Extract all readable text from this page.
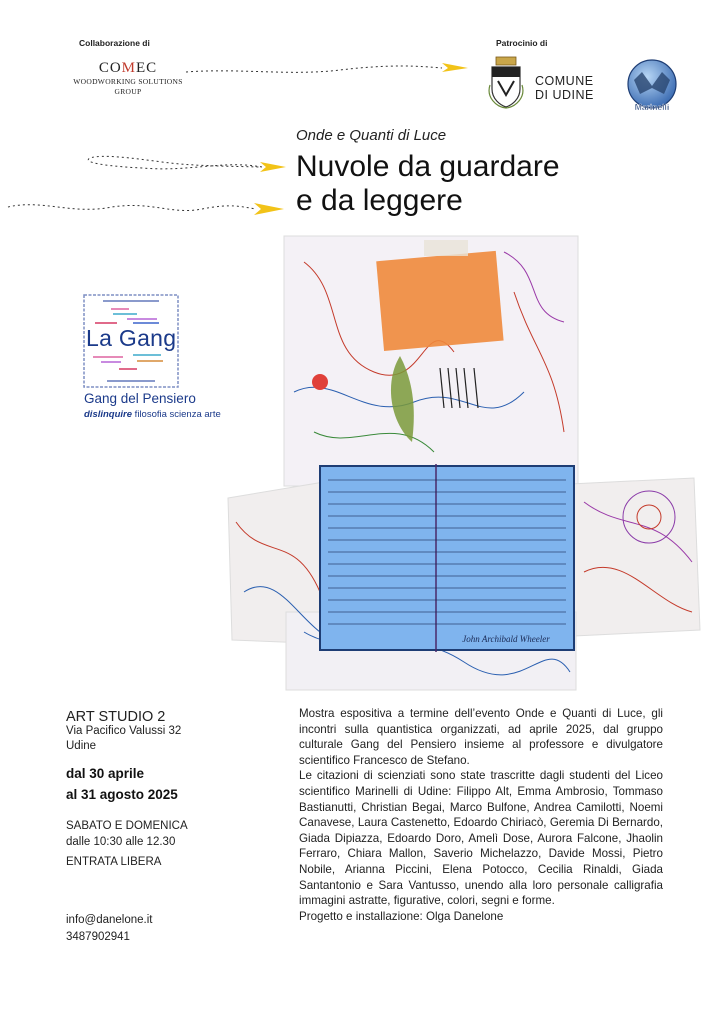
Collaborazione di
COMEC
WOODWORKING SOLUTIONS
GROUP
Patrocinio di
COMUNE
DI UDINE
Marinelli
Onde e Quanti di Luce
Nuvole da guardare
e da leggere
La Gang
Gang del Pensiero
dislinquire filosofia scienza arte
John Archibald Wheeler
ART STUDIO 2
Via Pacifico Valussi 32
Udine
dal 30 aprile
al 31 agosto 2025
SABATO E DOMENICA
dalle 10:30 alle 12.30
ENTRATA LIBERA
info@danelone.it
3487902941

Mostra espositiva a termine dell’evento Onde e Quanti di Luce, gli incontri sulla quantistica organizzati, ad aprile 2025, dal gruppo culturale Gang del Pensiero insieme al professore e divulgatore scientifico Francesco de Stefano.

Le citazioni di scienziati sono state trascritte dagli studenti del Liceo scientifico Marinelli di Udine: Filippo Alt, Emma Ambrosio, Tommaso Bastianutti, Christian Begai, Marco Bulfone, Andrea Camilotti, Noemi Canavese, Laura Castenetto, Edoardo Chiriacò, Geremia Di Bernardo, Giada Dipiazza, Edoardo Doro, Amelì Dose, Aurora Falcone, Jhaolin Ferraro, Chiara Mallon, Saverio Michelazzo, Davide Mossi, Pietro Nobile, Arianna Piccini, Elena Potocco, Cecilia Rinaldi, Giada Santantonio e Sara Vantusso, unendo alla loro personale calligrafia immagini astratte, figurative, colori, segni e forme.

Progetto e installazione: Olga Danelone
